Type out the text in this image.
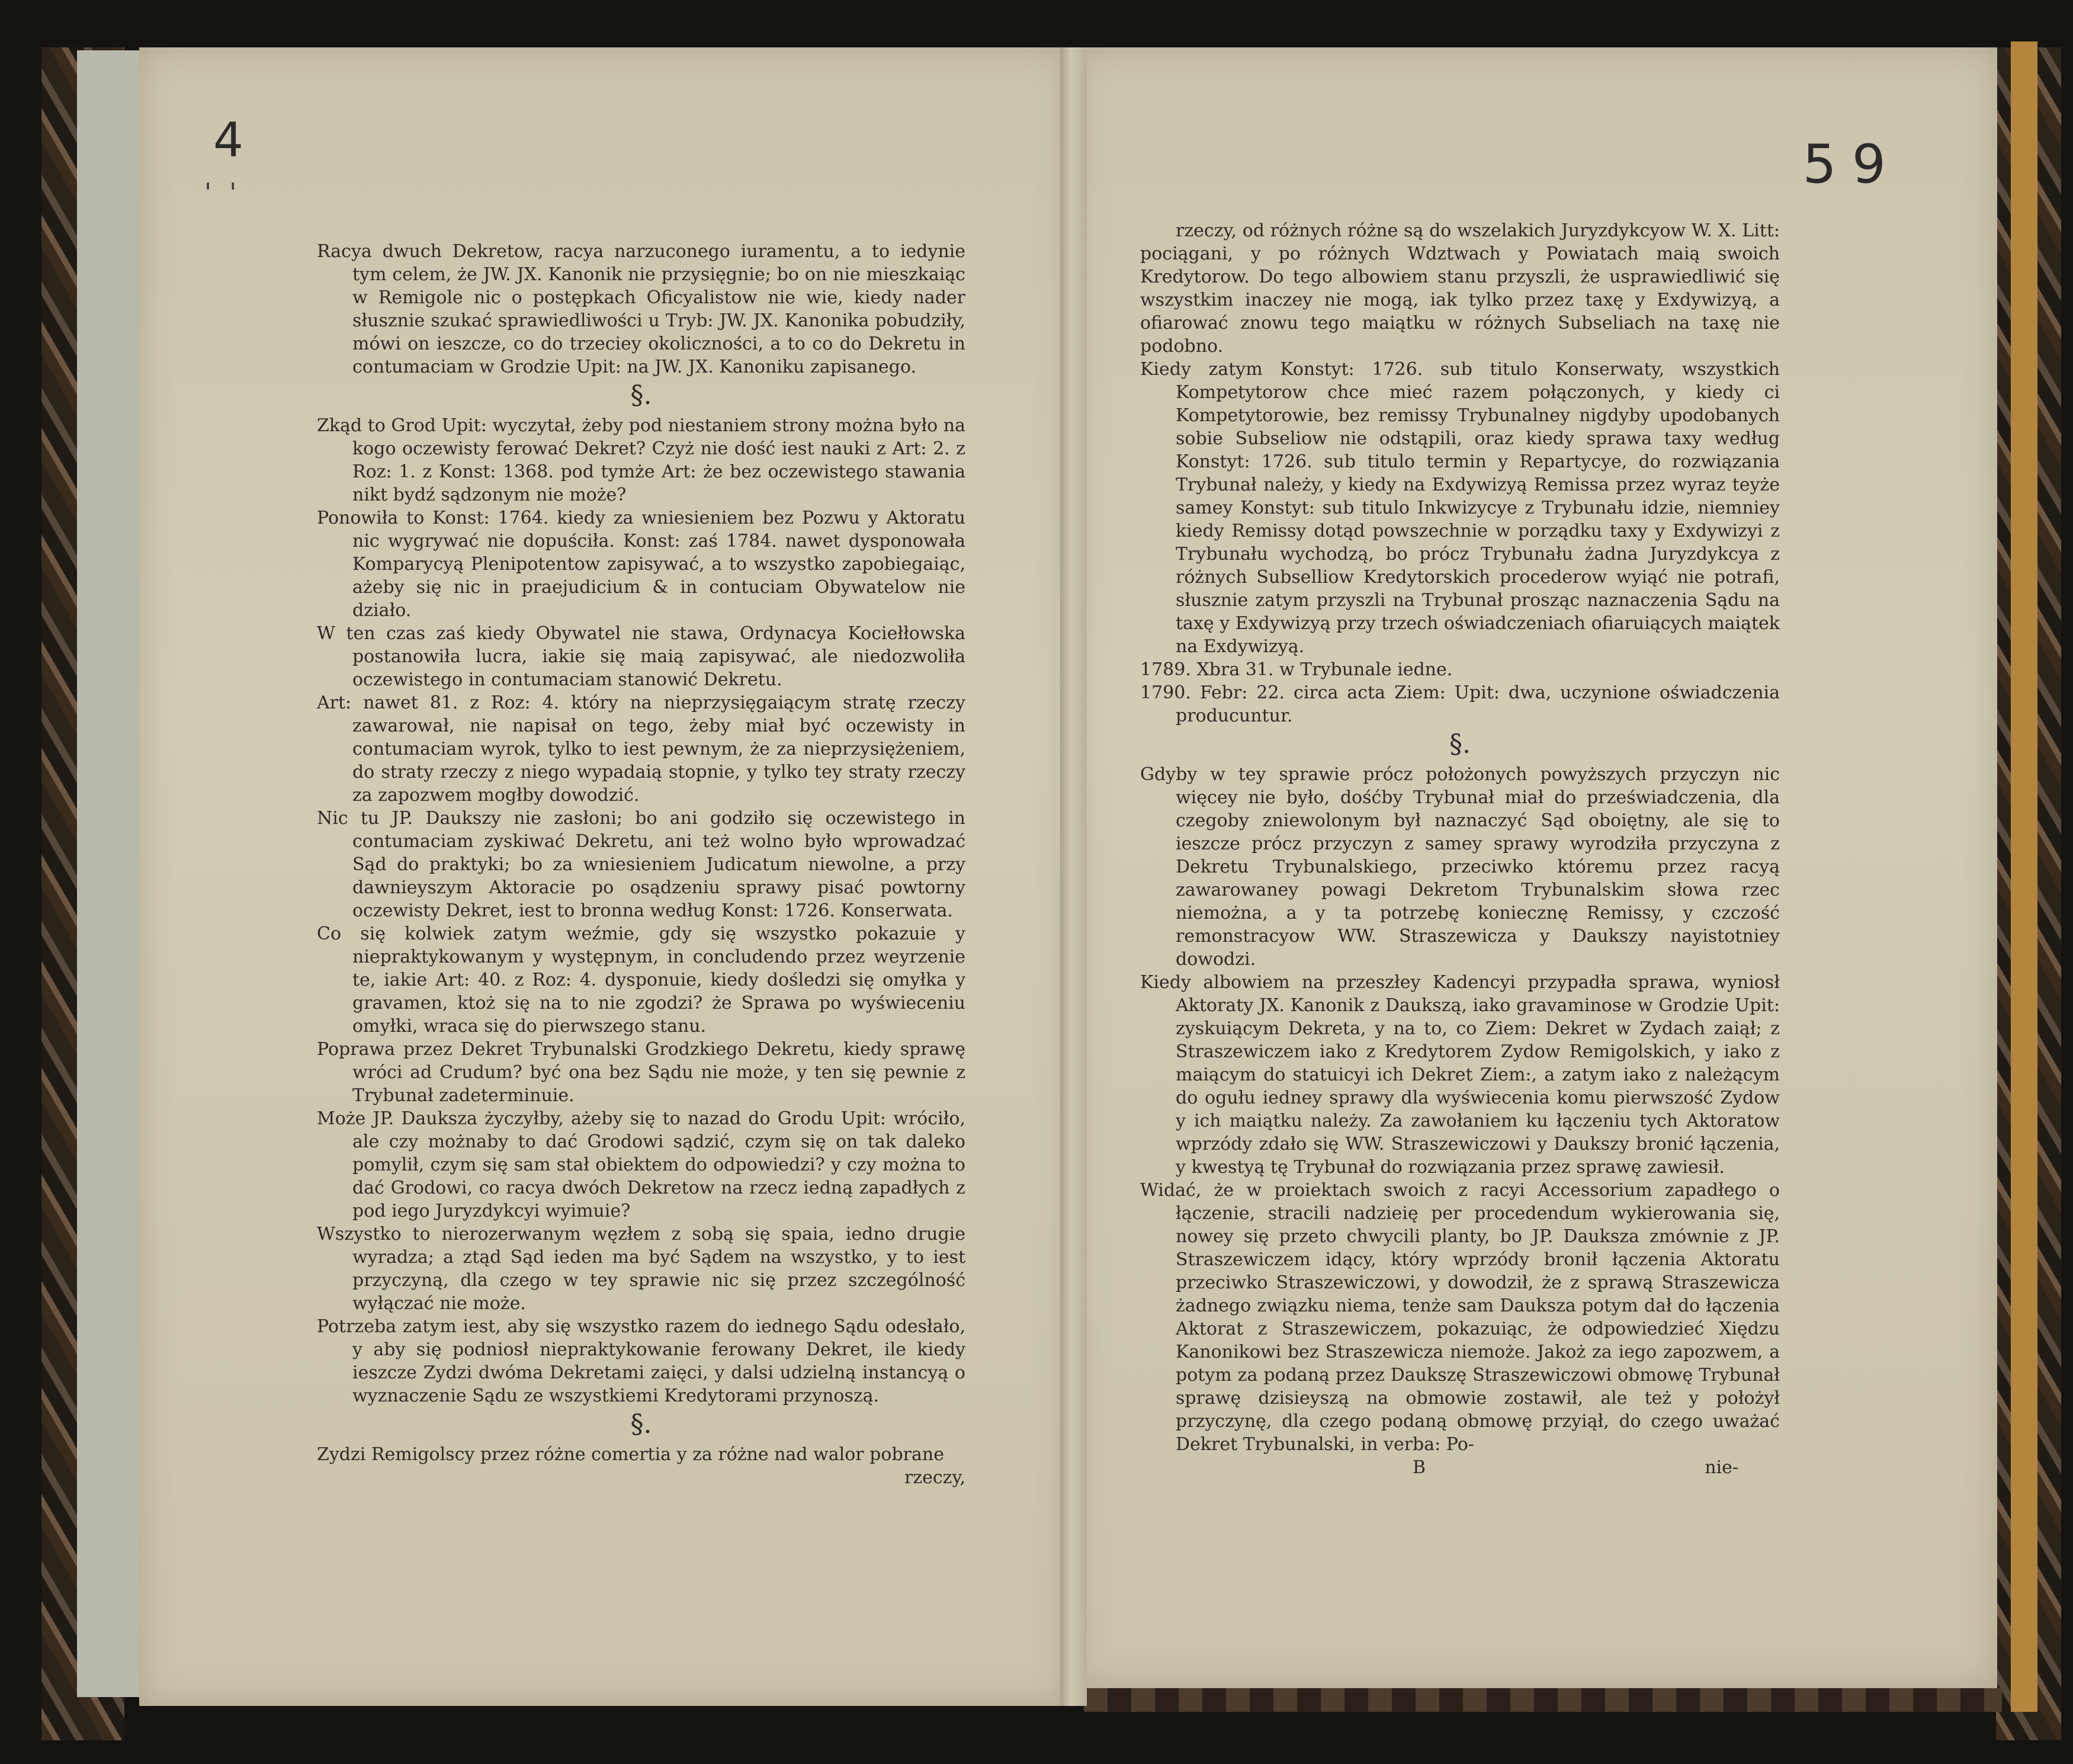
4
' '	59

Racya dwuch Dekretow, racya narzuconego iuramentu, a to iedynie tym celem, że JW. JX. Kanonik nie przysięgnie; bo on nie mieszkaiąc w Remigole nic o postępkach Oficyalistow nie wie, kiedy nader słusznie szukać sprawiedliwości u Tryb: JW. JX. Kanonika pobudziły, mówi on ieszcze, co do trzeciey okoliczności, a to co do Dekretu in contumaciam w Grodzie Upit: na JW. JX. Kanoniku zapisanego.

§.

Zkąd to Grod Upit: wyczytał, żeby pod niestaniem strony można było na kogo oczewisty ferować Dekret? Czyż nie dość iest nauki z Art: 2. z Roz: 1. z Konst: 1368. pod tymże Art: że bez oczewistego stawania nikt bydź sądzonym nie może?

Ponowiła to Konst: 1764. kiedy za wniesieniem bez Pozwu y Aktoratu nic wygrywać nie dopuściła. Konst: zaś 1784. nawet dysponowała Komparycyą Plenipotentow zapisywać, a to wszystko zapobiegaiąc, ażeby się nic in praejudicium & in contuciam Obywatelow nie działo.

W ten czas zaś kiedy Obywatel nie stawa, Ordynacya Kociełłowska postanowiła lucra, iakie się maią zapisywać, ale niedozwoliła oczewistego in contumaciam stanowić Dekretu.

Art: nawet 81. z Roz: 4. który na nieprzysięgaiącym stratę rzeczy zawarował, nie napisał on tego, żeby miał być oczewisty in contumaciam wyrok, tylko to iest pewnym, że za nieprzysiężeniem, do straty rzeczy z niego wypadaią stopnie, y tylko tey straty rzeczy za zapozwem mogłby dowodzić.

Nic tu JP. Daukszy nie zasłoni; bo ani godziło się oczewistego in contumaciam zyskiwać Dekretu, ani też wolno było wprowadzać Sąd do praktyki; bo za wniesieniem Judicatum niewolne, a przy dawnieyszym Aktoracie po osądzeniu sprawy pisać powtorny oczewisty Dekret, iest to bronna według Konst: 1726. Konserwata.

Co się kolwiek zatym weźmie, gdy się wszystko pokazuie y niepraktykowanym y występnym, in concludendo przez weyrzenie te, iakie Art: 40. z Roz: 4. dysponuie, kiedy dośledzi się omyłka y gravamen, ktoż się na to nie zgodzi? że Sprawa po wyświeceniu omyłki, wraca się do pierwszego stanu.

Poprawa przez Dekret Trybunalski Grodzkiego Dekretu, kiedy sprawę wróci ad Crudum? być ona bez Sądu nie może, y ten się pewnie z Trybunał zadeterminuie.

Może JP. Dauksza życzyłby, ażeby się to nazad do Grodu Upit: wróciło, ale czy możnaby to dać Grodowi sądzić, czym się on tak daleko pomylił, czym się sam stał obiektem do odpowiedzi? y czy można to dać Grodowi, co racya dwóch Dekretow na rzecz iedną zapadłych z pod iego Juryzdykcyi wyimuie?

Wszystko to nierozerwanym węzłem z sobą się spaia, iedno drugie wyradza; a ztąd Sąd ieden ma być Sądem na wszystko, y to iest przyczyną, dla czego w tey sprawie nic się przez szczególność wyłączać nie może.

Potrzeba zatym iest, aby się wszystko razem do iednego Sądu odesłało, y aby się podniosł niepraktykowanie ferowany Dekret, ile kiedy ieszcze Zydzi dwóma Dekretami zaięci, y dalsi udzielną instancyą o wyznaczenie Sądu ze wszystkiemi Kredytorami przynoszą.

§.

Zydzi Remigolscy przez różne comertia y za różne nad walor pobrane

rzeczy,

rzeczy, od różnych różne są do wszelakich Juryzdykcyow W. X. Litt: pociągani, y po różnych Wdztwach y Powiatach maią swoich Kredytorow. Do tego albowiem stanu przyszli, że usprawiedliwić się wszystkim inaczey nie mogą, iak tylko przez taxę y Exdywizyą, a ofiarować znowu tego maiątku w różnych Subseliach na taxę nie podobno.

Kiedy zatym Konstyt: 1726. sub titulo Konserwaty, wszystkich Kompetytorow chce mieć razem połączonych, y kiedy ci Kompetytorowie, bez remissy Trybunalney nigdyby upodobanych sobie Subseliow nie odstąpili, oraz kiedy sprawa taxy według Konstyt: 1726. sub titulo termin y Repartycye, do rozwiązania Trybunał należy, y kiedy na Exdywizyą Remissa przez wyraz teyże samey Konstyt: sub titulo Inkwizycye z Trybunału idzie, niemniey kiedy Remissy dotąd powszechnie w porządku taxy y Exdywizyi z Trybunału wychodzą, bo prócz Trybunału żadna Juryzdykcya z różnych Subselliow Kredytorskich procederow wyiąć nie potrafi, słusznie zatym przyszli na Trybunał prosząc naznaczenia Sądu na taxę y Exdywizyą przy trzech oświadczeniach ofiaruiących maiątek na Exdywizyą.

1789. Xbra 31. w Trybunale iedne.

1790. Febr: 22. circa acta Ziem: Upit: dwa, uczynione oświadczenia producuntur.

§.

Gdyby w tey sprawie prócz położonych powyższych przyczyn nic więcey nie było, dośćby Trybunał miał do przeświadczenia, dla czegoby zniewolonym był naznaczyć Sąd oboiętny, ale się to ieszcze prócz przyczyn z samey sprawy wyrodziła przyczyna z Dekretu Trybunalskiego, przeciwko któremu przez racyą zawarowaney powagi Dekretom Trybunalskim słowa rzec niemożna, a y ta potrzebę koniecznę Remissy, y czczość remonstracyow WW. Straszewicza y Daukszy nayistotniey dowodzi.

Kiedy albowiem na przeszłey Kadencyi przypadła sprawa, wyniosł Aktoraty JX. Kanonik z Daukszą, iako gravaminose w Grodzie Upit: zyskuiącym Dekreta, y na to, co Ziem: Dekret w Zydach zaiął; z Straszewiczem iako z Kredytorem Zydow Remigolskich, y iako z maiącym do statuicyi ich Dekret Ziem:, a zatym iako z należącym do ogułu iedney sprawy dla wyświecenia komu pierwszość Zydow y ich maiątku należy. Za zawołaniem ku łączeniu tych Aktoratow wprzódy zdało się WW. Straszewiczowi y Daukszy bronić łączenia, y kwestyą tę Trybunał do rozwiązania przez sprawę zawiesił.

Widać, że w proiektach swoich z racyi Accessorium zapadłego o łączenie, stracili nadzieię per procedendum wykierowania się, nowey się przeto chwycili planty, bo JP. Dauksza zmównie z JP. Straszewiczem idący, który wprzódy bronił łączenia Aktoratu przeciwko Straszewiczowi, y dowodził, że z sprawą Straszewicza żadnego związku niema, tenże sam Dauksza potym dał do łączenia Aktorat z Straszewiczem, pokazuiąc, że odpowiedzieć Xiędzu Kanonikowi bez Straszewicza niemoże. Jakoż za iego zapozwem, a potym za podaną przez Daukszę Straszewiczowi obmowę Trybunał sprawę dzisieyszą na obmowie zostawił, ale też y położył przyczynę, dla czego podaną obmowę przyiął, do czego uważać Dekret Trybunalski, in verba: Po-

B	nie-
